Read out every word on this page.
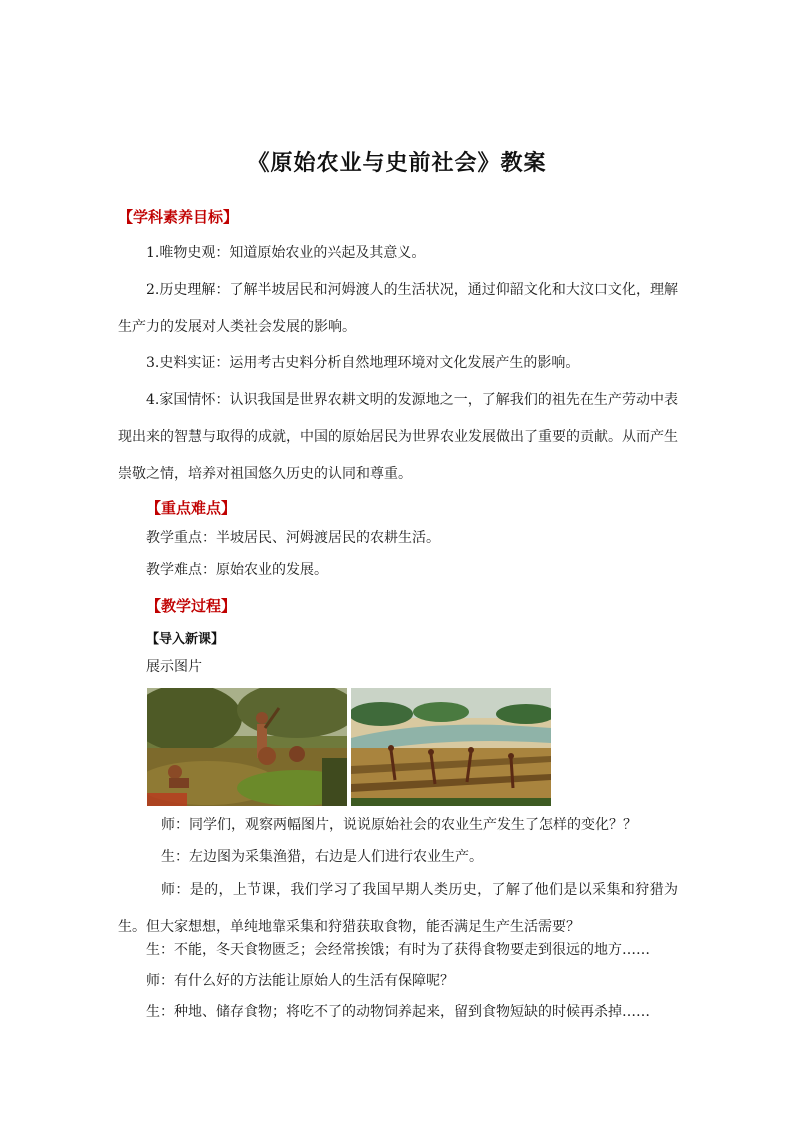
《原始农业与史前社会》教案
【学科素养目标】
1.唯物史观：知道原始农业的兴起及其意义。
2.历史理解：了解半坡居民和河姆渡人的生活状况，通过仰韶文化和大汶口文化，理解生产力的发展对人类社会发展的影响。
3.史料实证：运用考古史料分析自然地理环境对文化发展产生的影响。
4.家国情怀：认识我国是世界农耕文明的发源地之一，了解我们的祖先在生产劳动中表现出来的智慧与取得的成就，中国的原始居民为世界农业发展做出了重要的贡献。从而产生崇敬之情，培养对祖国悠久历史的认同和尊重。
【重点难点】
教学重点：半坡居民、河姆渡居民的农耕生活。
教学难点：原始农业的发展。
【教学过程】
【导入新课】
展示图片
师：同学们，观察两幅图片，说说原始社会的农业生产发生了怎样的变化？？
生：左边图为采集渔猎，右边是人们进行农业生产。
师：是的，上节课，我们学习了我国早期人类历史，了解了他们是以采集和狩猎为生。但大家想想，单纯地靠采集和狩猎获取食物，能否满足生产生活需要？
生：不能，冬天食物匮乏；会经常挨饿；有时为了获得食物要走到很远的地方……
师：有什么好的方法能让原始人的生活有保障呢？
生：种地、储存食物；将吃不了的动物饲养起来，留到食物短缺的时候再杀掉……
